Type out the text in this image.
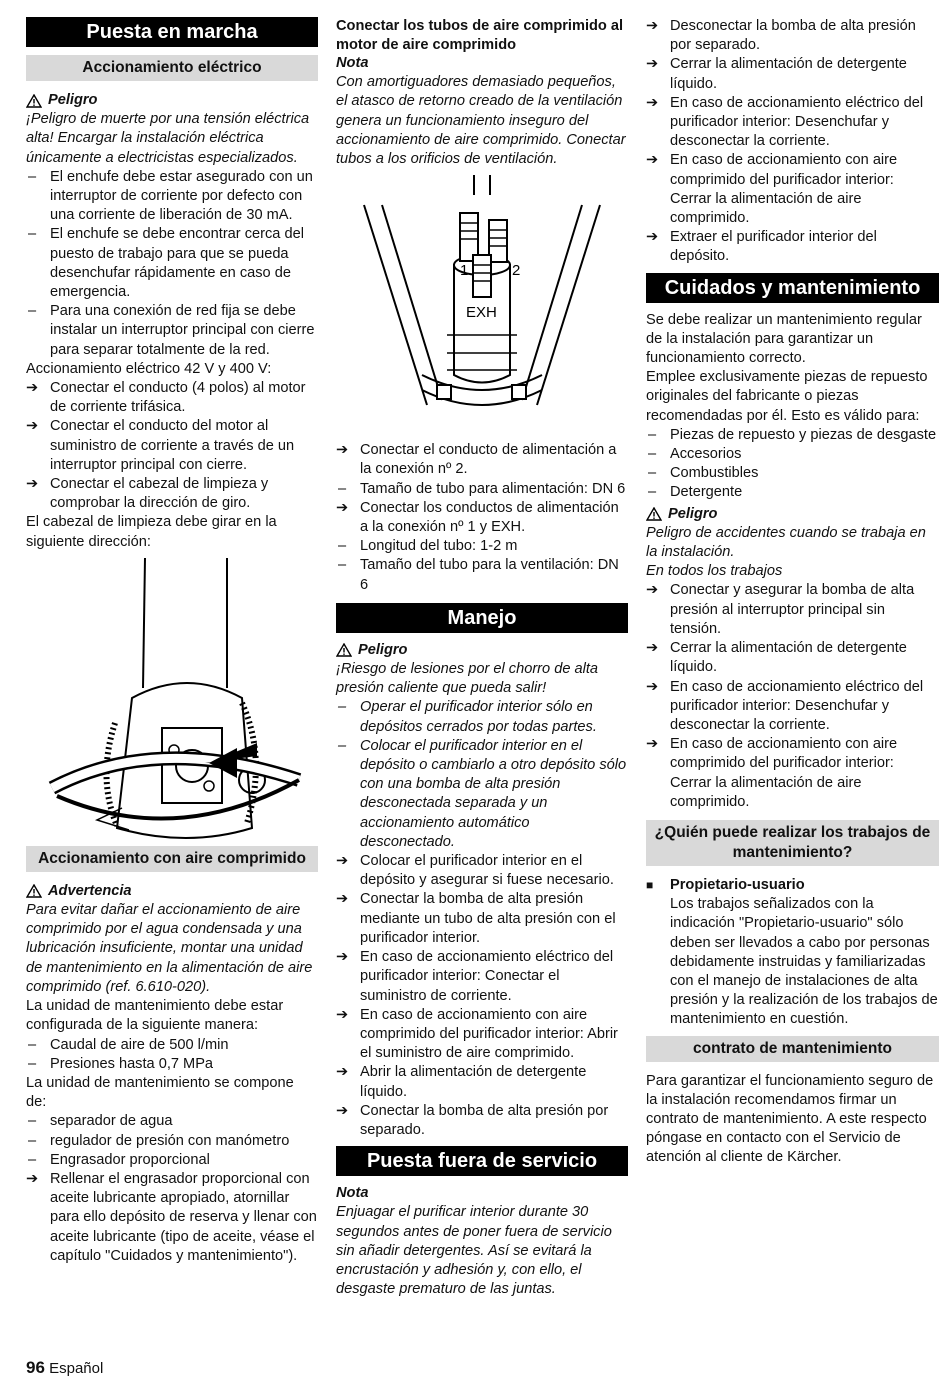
Puesta en marcha
Accionamiento eléctrico
Peligro

¡Peligro de muerte por una tensión eléctrica alta! Encargar la instalación eléctrica únicamente a electricistas especializados.

– El enchufe debe estar asegurado con un interruptor de corriente por defecto con una corriente de liberación de 30 mA.
– El enchufe se debe encontrar cerca del puesto de trabajo para que se pueda desenchufar rápidamente en caso de emergencia.
– Para una conexión de red fija se debe instalar un interruptor principal con cierre para separar totalmente de la red.

Accionamiento eléctrico 42 V y 400 V:

➔ Conectar el conducto (4 polos) al motor de corriente trifásica.
➔ Conectar el conducto del motor al suministro de corriente a través de un interruptor principal con cierre.
➔ Conectar el cabezal de limpieza y comprobar la dirección de giro.

El cabezal de limpieza debe girar en la siguiente dirección:

Accionamiento con aire comprimido
Advertencia

Para evitar dañar el accionamiento de aire comprimido por el agua condensada y una lubricación insuficiente, montar una unidad de mantenimiento en la alimentación de aire comprimido (ref. 6.610-020).

La unidad de mantenimiento debe estar configurada de la siguiente manera:

– Caudal de aire de 500 l/min
– Presiones hasta 0,7 MPa

La unidad de mantenimiento se compone de:

– separador de agua
– regulador de presión con manómetro
– Engrasador proporcional
➔ Rellenar el engrasador proporcional con aceite lubricante apropiado, atornillar para ello depósito de reserva y llenar con aceite lubricante (tipo de aceite, véase el capítulo "Cuidados y mantenimiento").
Conectar los tubos de aire comprimido al motor de aire comprimido

Nota

Con amortiguadores demasiado pequeños, el atasco de retorno creado de la ventilación genera un funcionamiento inseguro del accionamiento de aire comprimido. Conectar tubos a los orificios de ventilación.

1	2
EXH
➔ Conectar el conducto de alimentación a la conexión nº 2.
– Tamaño de tubo para alimentación: DN 6
➔ Conectar los conductos de alimentación a la conexión nº 1 y EXH.
– Longitud del tubo: 1-2 m
– Tamaño del tubo para la ventilación: DN 6
Manejo
Peligro

¡Riesgo de lesiones por el chorro de alta presión caliente que pueda salir!

– Operar el purificador interior sólo en depósitos cerrados por todas partes.
– Colocar el purificador interior en el depósito o cambiarlo a otro depósito sólo con una bomba de alta presión desconectada separada y un accionamiento automático desconectado.
➔ Colocar el purificador interior en el depósito y asegurar si fuese necesario.
➔ Conectar la bomba de alta presión mediante un tubo de alta presión con el purificador interior.
➔ En caso de accionamiento eléctrico del purificador interior: Conectar el suministro de corriente.
➔ En caso de accionamiento con aire comprimido del purificador interior: Abrir el suministro de aire comprimido.
➔ Abrir la alimentación de detergente líquido.
➔ Conectar la bomba de alta presión por separado.
Puesta fuera de servicio

Nota

Enjuagar el purificar interior durante 30 segundos antes de poner fuera de servicio sin añadir detergentes. Así se evitará la encrustación y adhesión y, con ello, el desgaste prematuro de las juntas.

➔ Desconectar la bomba de alta presión por separado.
➔ Cerrar la alimentación de detergente líquido.
➔ En caso de accionamiento eléctrico del purificador interior: Desenchufar y desconectar la corriente.
➔ En caso de accionamiento con aire comprimido del purificador interior: Cerrar la alimentación de aire comprimido.
➔ Extraer el purificador interior del depósito.
Cuidados y mantenimiento

Se debe realizar un mantenimiento regular de la instalación para garantizar un funcionamiento correcto.

Emplee exclusivamente piezas de repuesto originales del fabricante o piezas recomendadas por él. Esto es válido para:

– Piezas de repuesto y piezas de desgaste
– Accesorios
– Combustibles
– Detergente
Peligro

Peligro de accidentes cuando se trabaja en la instalación.

En todos los trabajos

➔ Conectar y asegurar la bomba de alta presión al interruptor principal sin tensión.
➔ Cerrar la alimentación de detergente líquido.
➔ En caso de accionamiento eléctrico del purificador interior: Desenchufar y desconectar la corriente.
➔ En caso de accionamiento con aire comprimido del purificador interior: Cerrar la alimentación de aire comprimido.
¿Quién puede realizar los trabajos de mantenimiento?
■	Propietario-usuario

Los trabajos señalizados con la indicación "Propietario-usuario" sólo deben ser llevados a cabo por personas debidamente instruidas y familiarizadas con el manejo de instalaciones de alta presión y la realización de los trabajos de mantenimiento en cuestión.

contrato de mantenimiento

Para garantizar el funcionamiento seguro de la instalación recomendamos firmar un contrato de mantenimiento. A este respecto póngase en contacto con el Servicio de atención al cliente de Kärcher.

96 Español
